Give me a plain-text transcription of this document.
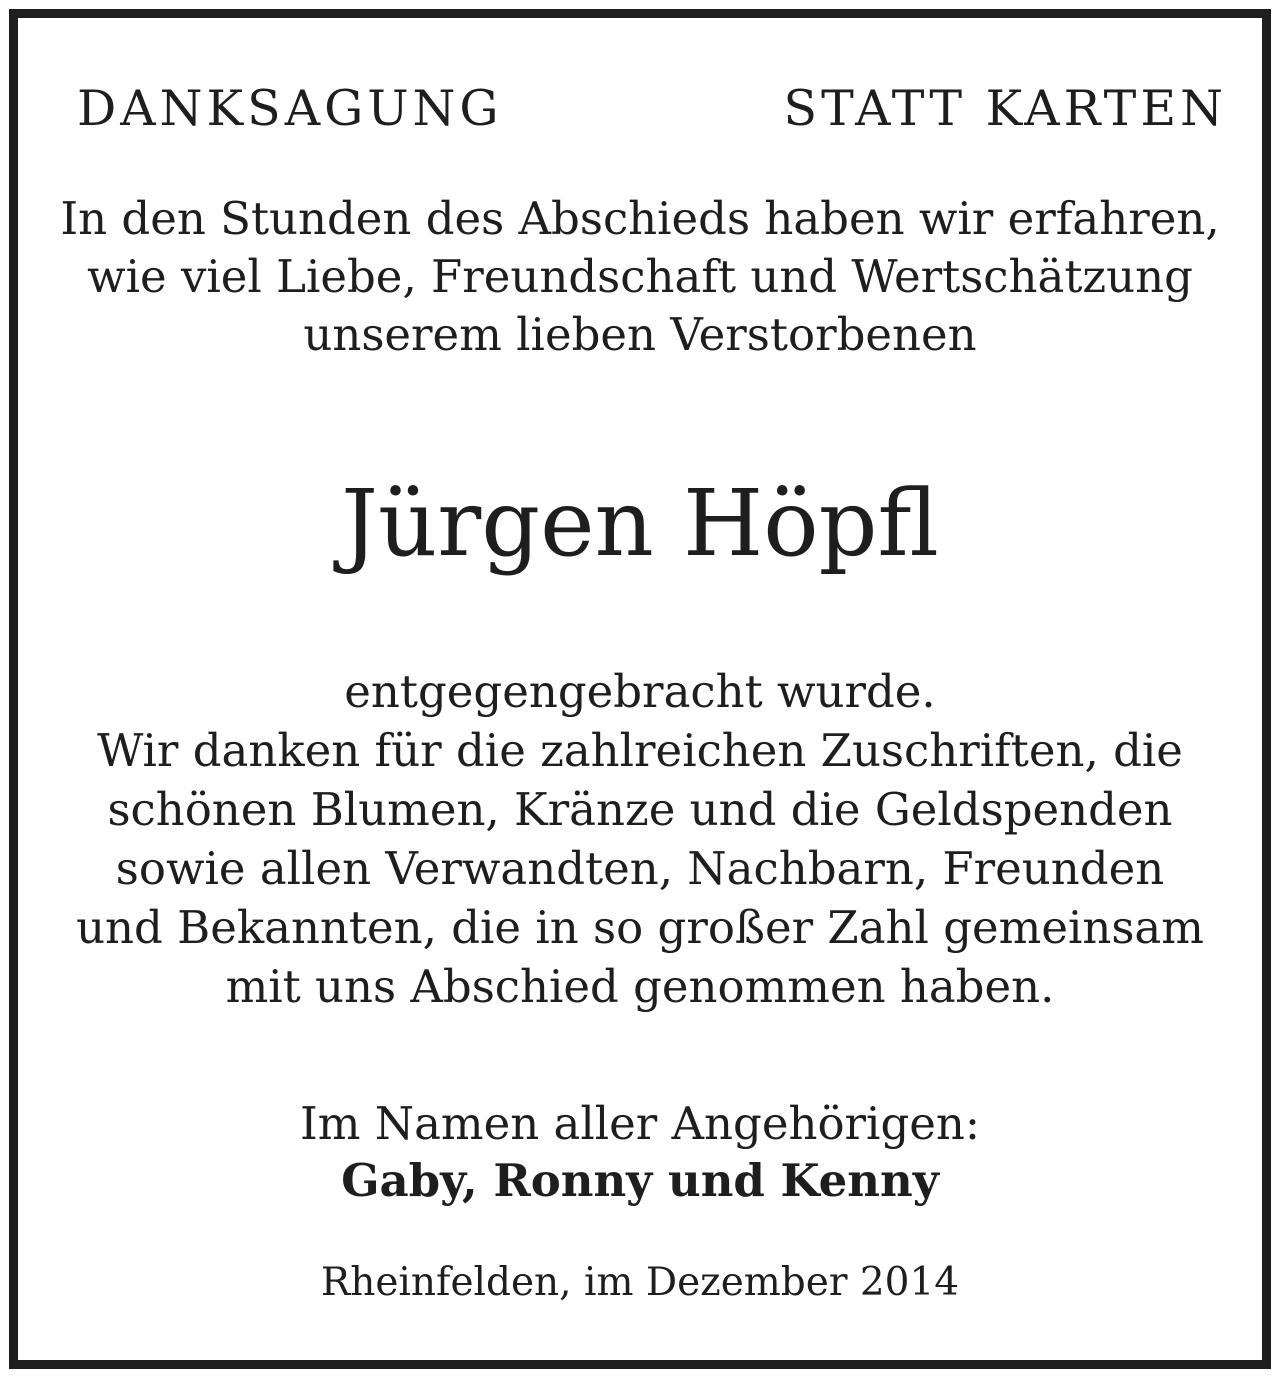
DANKSAGUNG	STATT KARTEN
In den Stunden des Abschieds haben wir erfahren,
wie viel Liebe, Freundschaft und Wertschätzung
unserem lieben Verstorbenen
Jürgen Höpfl
entgegengebracht wurde.
Wir danken für die zahlreichen Zuschriften, die
schönen Blumen, Kränze und die Geldspenden
sowie allen Verwandten, Nachbarn, Freunden
und Bekannten, die in so großer Zahl gemeinsam
mit uns Abschied genommen haben.
Im Namen aller Angehörigen:
Gaby, Ronny und Kenny
Rheinfelden, im Dezember 2014
